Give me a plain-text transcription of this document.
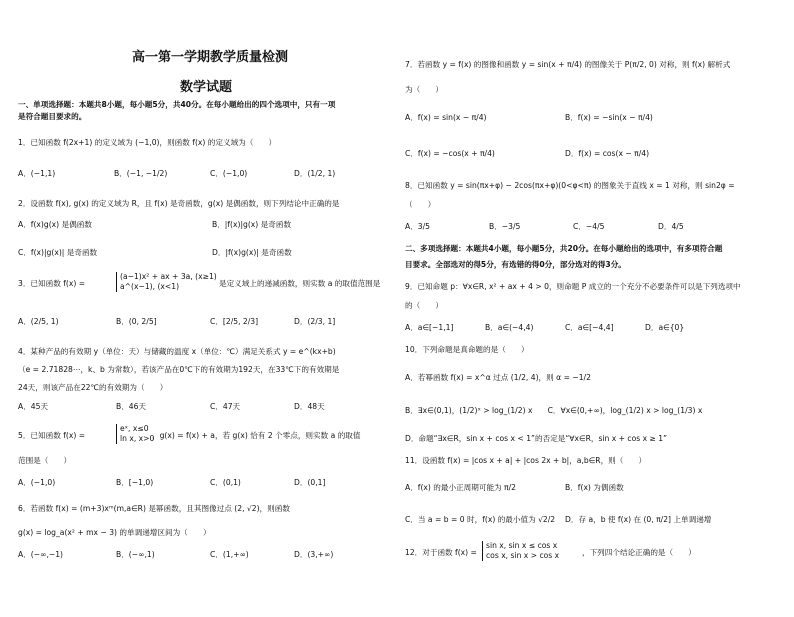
高一第一学期教学质量检测
数学试题
一、单项选择题：本题共8小题，每小题5分，共40分。在每小题给出的四个选项中，只有一项
是符合题目要求的。
1．已知函数 f(2x+1) 的定义域为 (−1,0)，则函数 f(x) 的定义域为（　　）
A．(−1,1)	B．(−1, −1/2)	C．(−1,0)	D．(1/2, 1)
2．设函数 f(x), g(x) 的定义域为 R，且 f(x) 是奇函数，g(x) 是偶函数，则下列结论中正确的是
A．f(x)g(x) 是偶函数	B．|f(x)|g(x) 是奇函数
C．f(x)|g(x)| 是奇函数	D．|f(x)g(x)| 是奇函数
3．已知函数 f(x) =
(a−1)x² + ax + 3a, (x≥1)
a^(x−1), (x<1)	是定义域上的递减函数，则实数 a 的取值范围是
A．(2/5, 1)	B．(0, 2/5]	C．[2/5, 2/3]	D．(2/3, 1]
4．某种产品的有效期 y（单位：天）与储藏的温度 x（单位：℃）满足关系式 y = e^(kx+b)
（e = 2.71828⋯，k、b 为常数），若该产品在0℃下的有效期为192天，在33℃下的有效期是
24天，则该产品在22℃的有效期为（　　）
A．45天	B．46天	C．47天	D．48天
5．已知函数 f(x) =
eˣ, x≤0
ln x, x>0
，g(x) = f(x) + a，若 g(x) 恰有 2 个零点，则实数 a 的取值
范围是（　　）
A．(−1,0)	B．[−1,0)	C．(0,1)	D．(0,1]
6．若函数 f(x) = (m+3)xᵐ(m,a∈R) 是幂函数，且其图像过点 (2, √2)，则函数
g(x) = log_a(x² + mx − 3) 的单调递增区间为（　　）
A．(−∞,−1)	B．(−∞,1)	C．(1,+∞)	D．(3,+∞)
7．若函数 y = f(x) 的图像和函数 y = sin(x + π/4) 的图像关于 P(π/2, 0) 对称，则 f(x) 解析式
为（　　）
A．f(x) = sin(x − π/4)	B．f(x) = −sin(x − π/4)
C．f(x) = −cos(x + π/4)	D．f(x) = cos(x − π/4)
8．已知函数 y = sin(πx+φ) − 2cos(πx+φ)(0<φ<π) 的图象关于直线 x = 1 对称，则 sin2φ =
（　　）
A．3/5	B．−3/5	C．−4/5	D．4/5
二、多项选择题：本题共4小题，每小题5分，共20分。在每小题给出的选项中，有多项符合题
目要求。全部选对的得5分，有选错的得0分，部分选对的得3分。
9．已知命题 p：∀x∈R, x² + ax + 4 > 0，则命题 P 成立的一个充分不必要条件可以是下列选项中
的（　　）
A．a∈[−1,1]	B．a∈(−4,4)	C．a∈[−4,4]	D．a∈{0}
10．下列命题是真命题的是（　　）
A．若幂函数 f(x) = x^α 过点 (1/2, 4)，则 α = −1/2
B．∃x∈(0,1)，(1/2)ˣ > log_(1/2) x　　C．∀x∈(0,+∞)，log_(1/2) x > log_(1/3) x
D．命题“∃x∈R，sin x + cos x < 1”的否定是“∀x∈R，sin x + cos x ≥ 1”
11．设函数 f(x) = |cos x + a| + |cos 2x + b|，a,b∈R，则（　　）
A．f(x) 的最小正周期可能为 π/2	B．f(x) 为偶函数
C．当 a = b = 0 时，f(x) 的最小值为 √2/2 D．存 a，b 使 f(x) 在 (0, π/2] 上单调递增
12．对于函数 f(x) =
sin x, sin x ≤ cos x
cos x, sin x > cos x	，下列四个结论正确的是（　　）
